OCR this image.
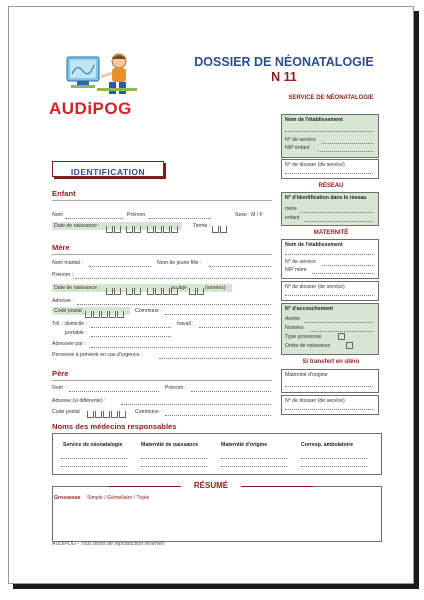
AUDiPOG
DOSSIER DE NÉONATALOGIE
N 11
IDENTIFICATION
Enfant
Nom	Prénom	Sexe : M / F
Date de naissance :
	Terme :
Mère
Nom marital :	Nom de jeune fille :
Prénom :
Date de naissance :
	ou âge	(années)
Adresse :
Code postal	Commune :
Tél. : domicile :	travail :
portable :
Adressée par :
Personne à prévenir en cas d'urgence :
Père
Nom :	Prénom :
Adresse (si différente) :
Code postal	Commune :
Noms des médecins responsables
Service de néonatalogie	Maternité de naissance	Maternité d'origine	Corresp. ambulatoire
RÉSUMÉ
Grossesse Simple / Gémellaire / Triple
AUDIPOG - Tous droits de reproduction réservés
SERVICE DE NÉONATALOGIE
Nom de l'établissement
N° de service
NIP enfant
N° de dossier (de service)
RÉSEAU
N° d'identification dans le réseau
mère
enfant
MATERNITÉ
Nom de l'établissement
N° de service
NIP mère
N° de dossier (de service)
N° d'accouchement
Année
Numéro
Type grossesse
Ordre de naissance
Si transfert en utéro
Maternité d'origine
N° de dossier (de service)
